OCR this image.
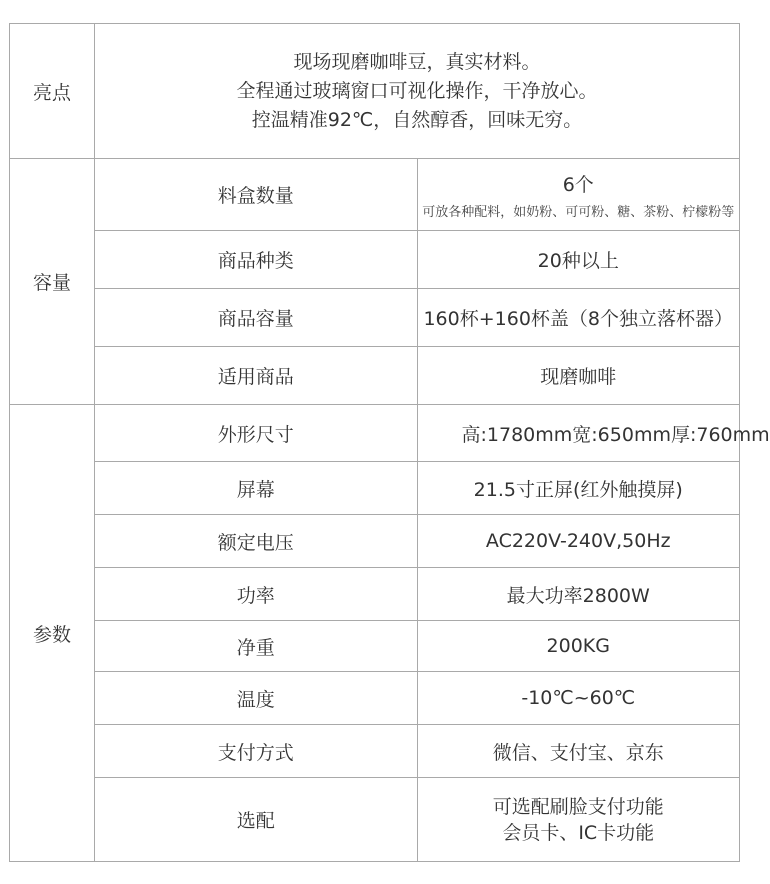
亮点	现场现磨咖啡豆，真实材料。
全程通过玻璃窗口可视化操作，干净放心。
控温精准92℃，自然醇香，回味无穷。	

容量	料盒数量	6个
可放各种配料，如奶粉、可可粉、糖、茶粉、柠檬粉等

	商品种类	20种以上
	商品容量	160杯+160杯盖（8个独立落杯器）
	适用商品	现磨咖啡
参数	外形尺寸	高:1780mm 宽:650mm 厚:760mm

	屏幕	21.5寸正屏(红外触摸屏)
	额定电压	AC220V-240V,50Hz
	功率	最大功率2800W
	净重	200KG
	温度	-10℃~60℃
	支付方式	微信、支付宝、京东
	选配	可选配刷脸支付功能
会员卡、IC卡功能
